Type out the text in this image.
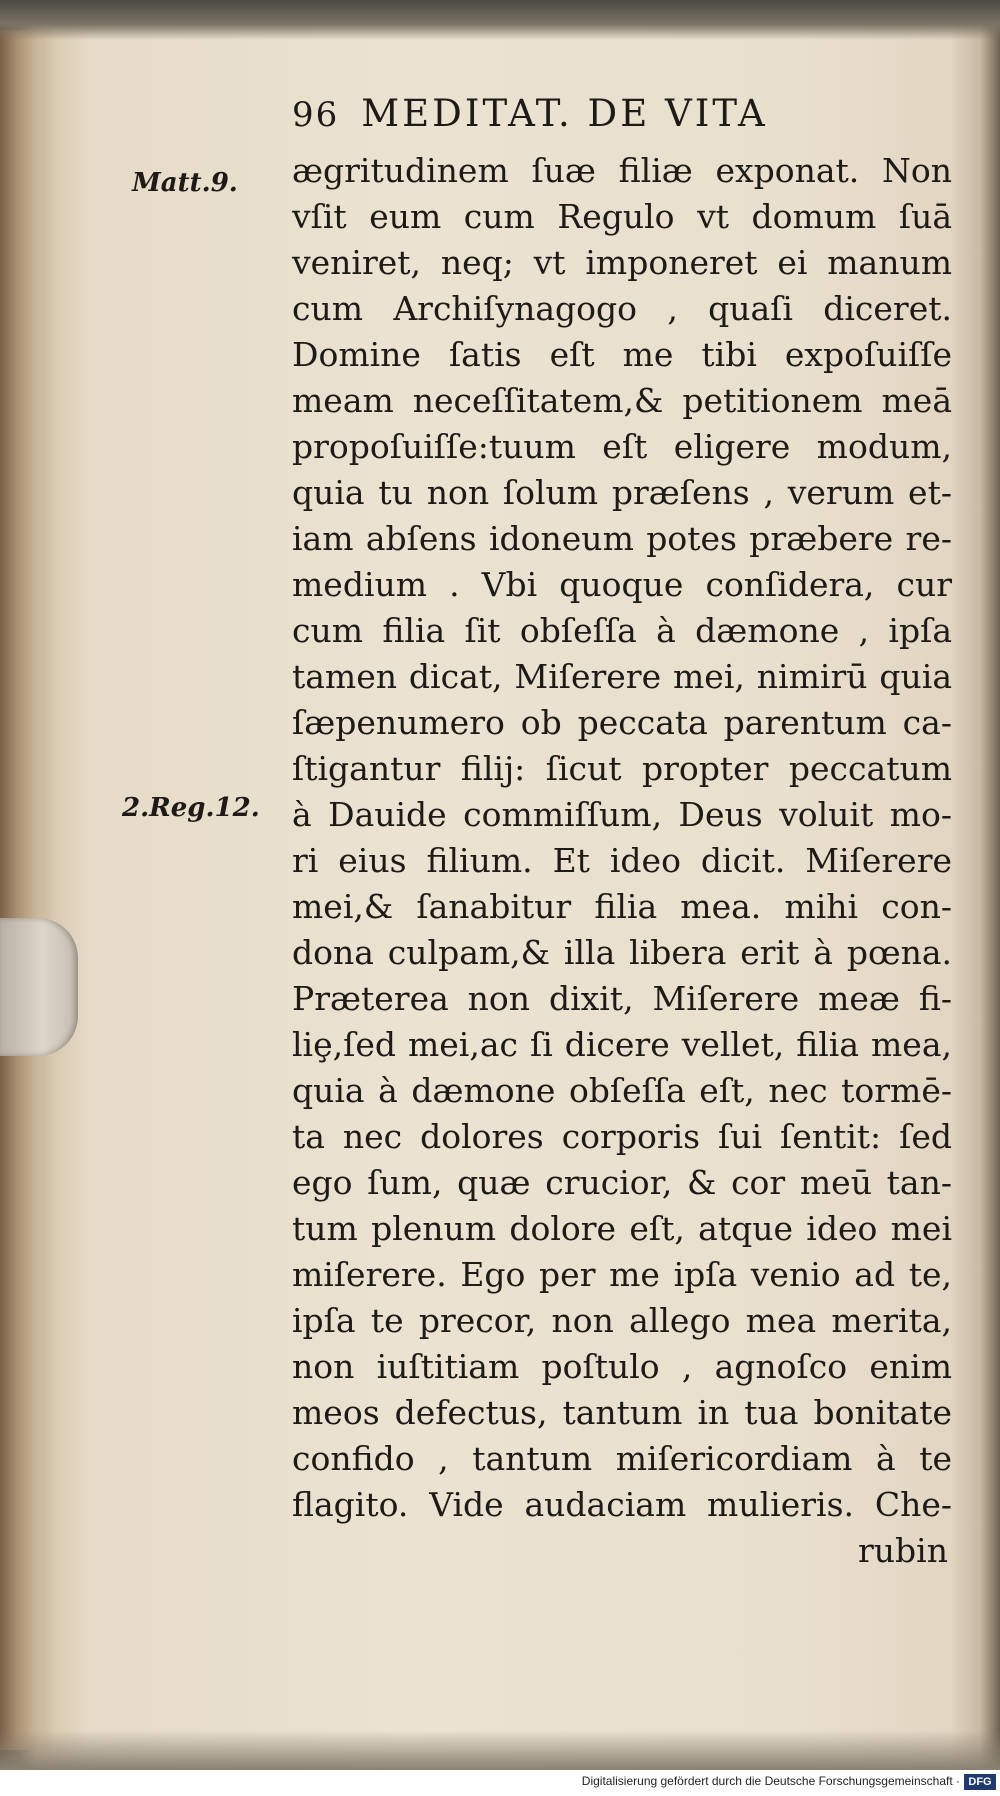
Matt.9.
2.Reg.12.
96 MEDITAT. DE VITA
ægritudinem ſuæ filiæ exponat. Non
vſit eum cum Regulo vt domum ſuā
veniret, neq; vt imponeret ei manum
cum Archiſynagogo , quaſi diceret.
Domine ſatis eſt me tibi expoſuiſſe
meam neceſſitatem,& petitionem meā
propoſuiſſe:tuum eſt eligere modum,
quia tu non ſolum præſens , verum et-
iam abſens idoneum potes præbere re-
medium . Vbi quoque conſidera, cur
cum filia ſit obſeſſa à dæmone , ipſa
tamen dicat, Miſerere mei, nimirū quia
ſæpenumero ob peccata parentum ca-
ſtigantur filij: ſicut propter peccatum
à Dauide commiſſum, Deus voluit mo-
ri eius filium. Et ideo dicit. Miſerere
mei,& ſanabitur filia mea. mihi con-
dona culpam,& illa libera erit à pœna.
Præterea non dixit, Miſerere meæ fi-
liȩ,ſed mei,ac ſi dicere vellet, filia mea,
quia à dæmone obſeſſa eſt, nec tormē-
ta nec dolores corporis ſui ſentit: ſed
ego ſum, quæ crucior, & cor meū tan-
tum plenum dolore eſt, atque ideo mei
miſerere. Ego per me ipſa venio ad te,
ipſa te precor, non allego mea merita,
non iuſtitiam poſtulo , agnoſco enim
meos defectus, tantum in tua bonitate
confido , tantum miſericordiam à te
flagito. Vide audaciam mulieris. Che-
rubin
Digitalisierung gefördert durch die Deutsche Forschungsgemeinschaft · DFG
